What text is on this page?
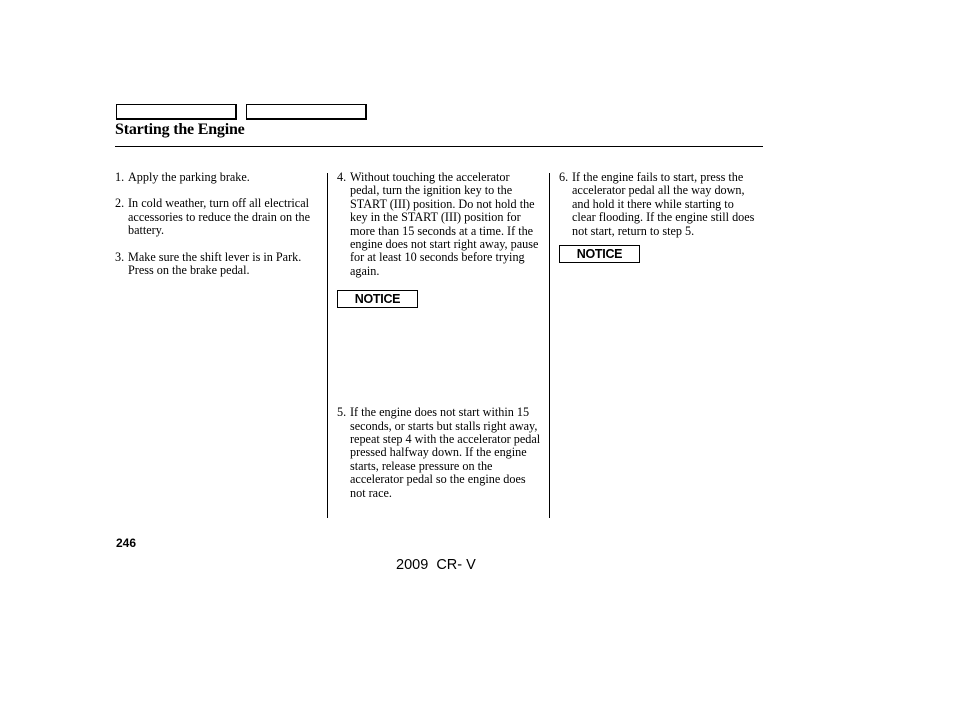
Starting the Engine
1. Apply the parking brake.
2. In cold weather, turn off all electrical accessories to reduce the drain on the battery.
3. Make sure the shift lever is in Park. Press on the brake pedal.
4. Without touching the accelerator pedal, turn the ignition key to the START (III) position. Do not hold the key in the START (III) position for more than 15 seconds at a time. If the engine does not start right away, pause for at least 10 seconds before trying again.
NOTICE
5. If the engine does not start within 15 seconds, or starts but stalls right away, repeat step 4 with the accelerator pedal pressed halfway down. If the engine starts, release pressure on the accelerator pedal so the engine does not race.
6. If the engine fails to start, press the accelerator pedal all the way down, and hold it there while starting to clear flooding. If the engine still does not start, return to step 5.
NOTICE
246
2009  CR- V
